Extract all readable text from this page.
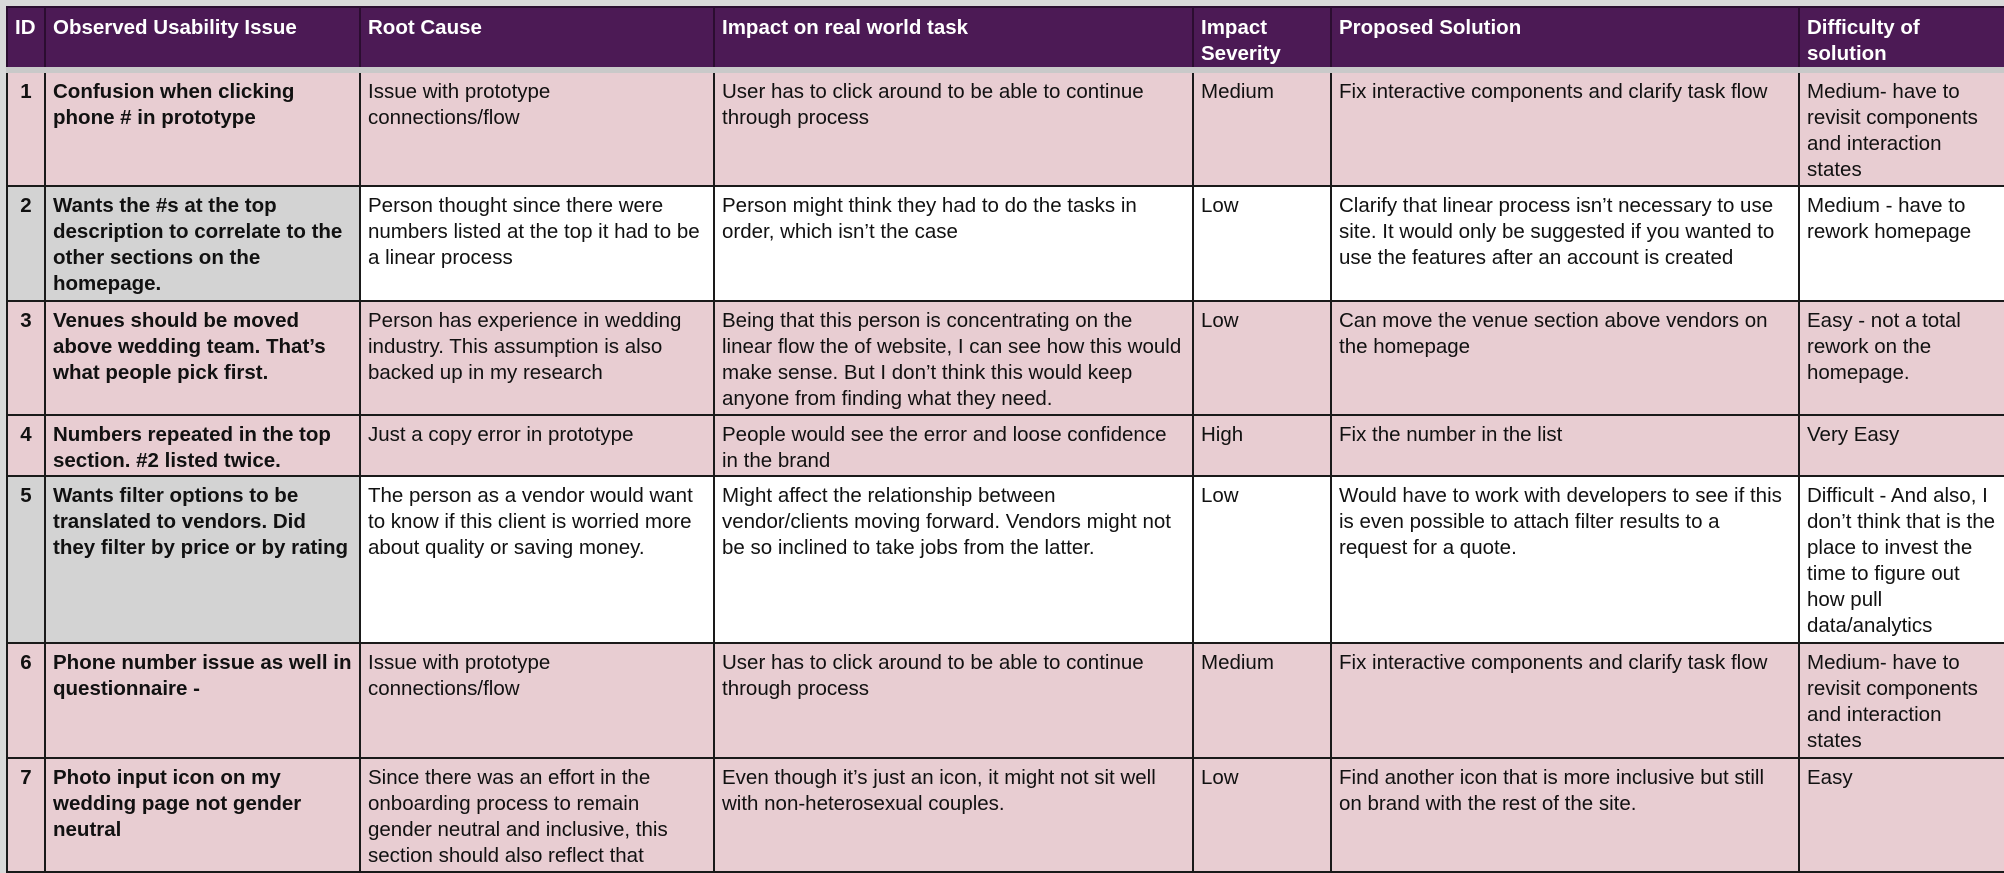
ID	Observed Usability Issue	Root Cause	Impact on real world task	Impact Severity	Proposed Solution	Difficulty of solution
1	Confusion when clicking phone # in prototype	Issue with prototype connections/flow	User has to click around to be able to continue through process	Medium	Fix interactive components and clarify task flow	Medium- have to revisit components and interaction states
2	Wants the #s at the top description to correlate to the other sections on the homepage.	Person thought since there were numbers listed at the top it had to be a linear process	Person might think they had to do the tasks in order, which isn’t the case	Low	Clarify that linear process isn’t necessary to use site. It would only be suggested if you wanted to use the features after an account is created	Medium - have to rework homepage
3	Venues should be moved above wedding team. That’s what people pick first.	Person has experience in wedding industry. This assumption is also backed up in my research	Being that this person is concentrating on the linear flow the of website, I can see how this would make sense. But I don’t think this would keep anyone from finding what they need.	Low	Can move the venue section above vendors on the homepage	Easy - not a total rework on the homepage.
4	Numbers repeated in the top section. #2 listed twice.	Just a copy error in prototype	People would see the error and loose confidence in the brand	High	Fix the number in the list	Very Easy
5	Wants filter options to be translated to vendors. Did they filter by price or by rating	The person as a vendor would want to know if this client is worried more about quality or saving money.	Might affect the relationship between vendor/clients moving forward. Vendors might not be so inclined to take jobs from the latter.	Low	Would have to work with developers to see if this is even possible to attach filter results to a request for a quote.	Difficult - And also, I don’t think that is the place to invest the time to figure out how pull data/analytics
6	Phone number issue as well in questionnaire -	Issue with prototype connections/flow	User has to click around to be able to continue through process	Medium	Fix interactive components and clarify task flow	Medium- have to revisit components and interaction states
7	Photo input icon on my wedding page not gender neutral	Since there was an effort in the onboarding process to remain gender neutral and inclusive, this section should also reflect that	Even though it’s just an icon, it might not sit well with non-heterosexual couples.	Low	Find another icon that is more inclusive but still on brand with the rest of the site.	Easy
